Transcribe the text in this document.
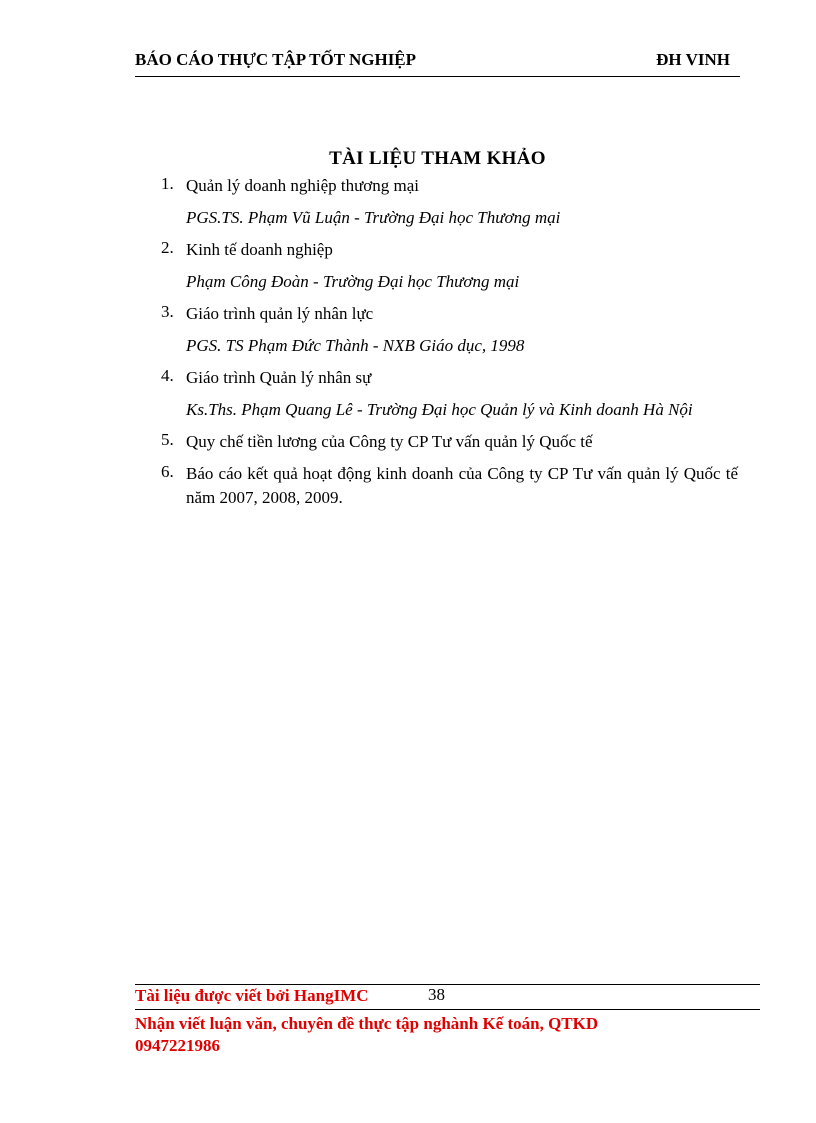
BÁO CÁO THỰC TẬP TỐT NGHIỆP	ĐH VINH
TÀI LIỆU THAM KHẢO
1. Quản lý doanh nghiệp thương mại
PGS.TS. Phạm Vũ Luận - Trường Đại học Thương mại
2. Kinh tế doanh nghiệp
Phạm Công Đoàn - Trường Đại học Thương mại
3. Giáo trình quản lý nhân lực
PGS. TS Phạm Đức Thành - NXB Giáo dục, 1998
4. Giáo trình Quản lý nhân sự
Ks.Ths. Phạm Quang Lê - Trường Đại học Quản lý và Kinh doanh Hà Nội
5. Quy chế tiền lương của Công ty CP Tư vấn quản lý Quốc tế
6. Báo cáo kết quả hoạt động kinh doanh của Công ty CP Tư vấn quản lý Quốc tế năm 2007, 2008, 2009.
Tài liệu được viết bởi HangIMC	38
Nhận viết luận văn, chuyên đề thực tập nghành Kế toán, QTKD
0947221986
